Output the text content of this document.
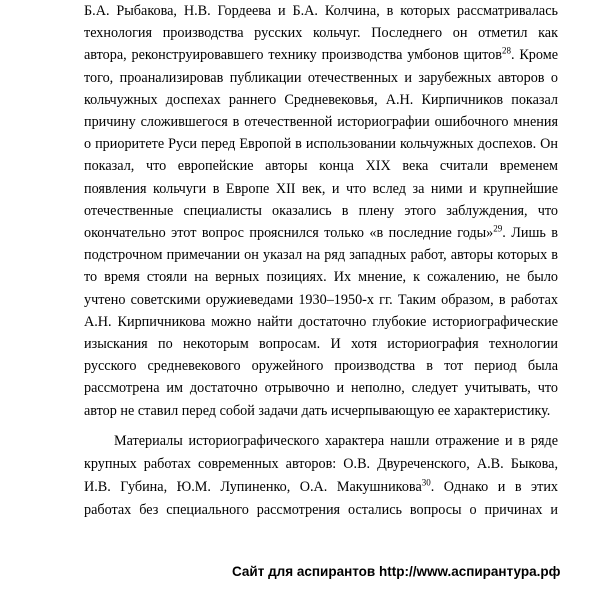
Б.А. Рыбакова, Н.В. Гордеева и Б.А. Колчина, в которых рассматривалась
технология производства русских кольчуг. Последнего он отметил как
автора, реконструировавшего технику производства умбонов щитов$^{28}$. Кроме
того, проанализировав публикации отечественных и зарубежных авторов о
кольчужных доспехах раннего Средневековья, А.Н. Кирпичников показал
причину сложившегося в отечественной историографии ошибочного мнения
о приоритете Руси перед Европой в использовании кольчужных доспехов. Он
показал, что европейские авторы конца XIX века считали временем
появления кольчуги в Европе XII век, и что вслед за ними и крупнейшие
отечественные специалисты оказались в плену этого заблуждения, что
окончательно этот вопрос прояснился только «в последние годы»$^{29}$. Лишь в
подстрочном примечании он указал на ряд западных работ, авторы которых в
то время стояли на верных позициях. Их мнение, к сожалению, не было
учтено советскими оружиеведами 1930–1950-х гг. Таким образом, в работах
А.Н. Кирпичникова можно найти достаточно глубокие историографические
изыскания по некоторым вопросам. И хотя историография технологии
русского средневекового оружейного производства в тот период была
рассмотрена им достаточно отрывочно и неполно, следует учитывать, что
автор не ставил перед собой задачи дать исчерпывающую ее характеристику.
Материалы историографического характера нашли отражение и в ряде
крупных работах современных авторов: О.В. Двуреченского, А.В. Быкова,
И.В. Губина, Ю.М. Лупиненко, О.А. Макушникова$^{30}$. Однако и в этих
работах без специального рассмотрения остались вопросы о причинах и
Сайт для аспирантов http://www.аспирантура.рф
